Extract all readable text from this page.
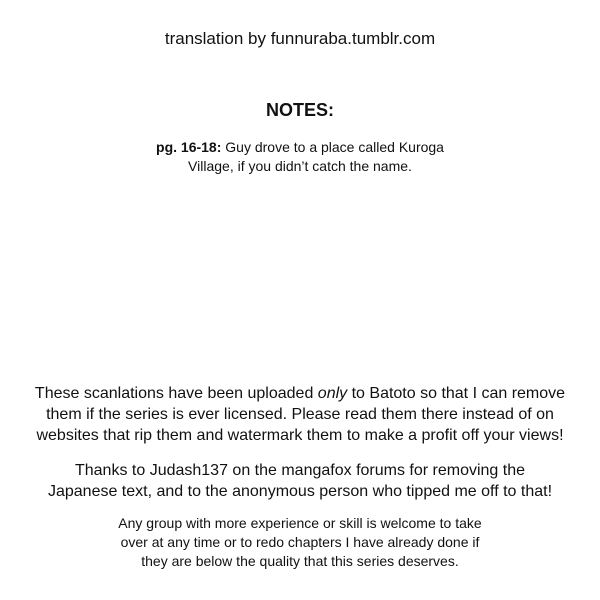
translation by funnuraba.tumblr.com
NOTES:
pg. 16-18: Guy drove to a place called Kuroga
Village, if you didn’t catch the name.
These scanlations have been uploaded only to Batoto so that I can remove
them if the series is ever licensed. Please read them there instead of on
websites that rip them and watermark them to make a profit off your views!
Thanks to Judash137 on the mangafox forums for removing the
Japanese text, and to the anonymous person who tipped me off to that!
Any group with more experience or skill is welcome to take
over at any time or to redo chapters I have already done if
they are below the quality that this series deserves.
